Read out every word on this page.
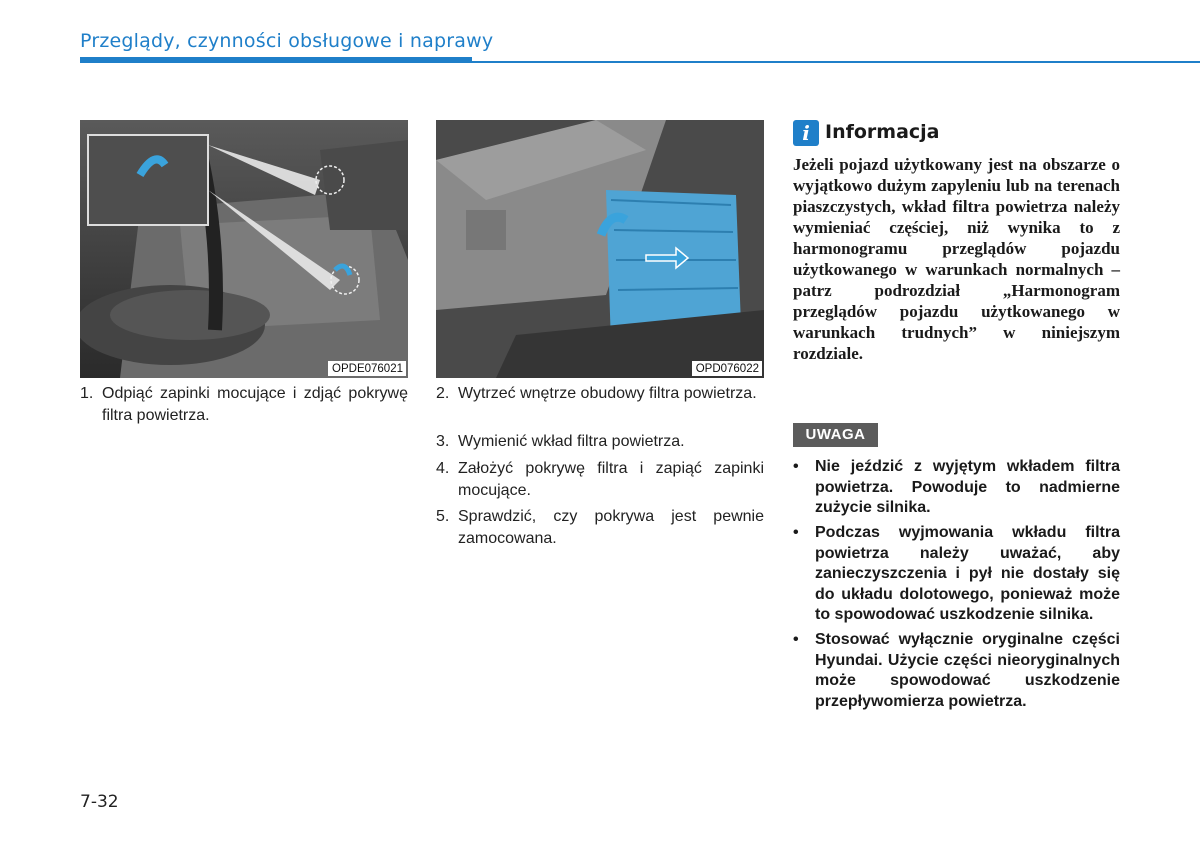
Przeglądy, czynności obsługowe i naprawy
OPDE076021	OPD076022
1. Odpiąć zapinki mocujące i zdjąć pokrywę filtra powietrza.
2. Wytrzeć wnętrze obudowy filtra powietrza.
3. Wymienić wkład filtra powietrza.
4. Założyć pokrywę filtra i zapiąć zapinki mocujące.
5. Sprawdzić, czy pokrywa jest pewnie zamocowana.
i Informacja
Jeżeli pojazd użytkowany jest na obszarze o wyjątkowo dużym zapyleniu lub na terenach piaszczystych, wkład filtra powietrza należy wymieniać częściej, niż wynika to z harmonogramu przeglądów pojazdu użytkowanego w warunkach normalnych – patrz podrozdział „Harmonogram przeglądów pojazdu użytkowanego w warunkach trudnych” w niniejszym rozdziale.
UWAGA
• Nie jeździć z wyjętym wkładem filtra powietrza. Powoduje to nadmierne zużycie silnika.
• Podczas wyjmowania wkładu filtra powietrza należy uważać, aby zanieczyszczenia i pył nie dostały się do układu dolotowego, ponieważ może to spowodować uszkodzenie silnika.
• Stosować wyłącznie oryginalne części Hyundai. Użycie części nieoryginalnych może spowodować uszkodzenie przepływomierza powietrza.
7-32
